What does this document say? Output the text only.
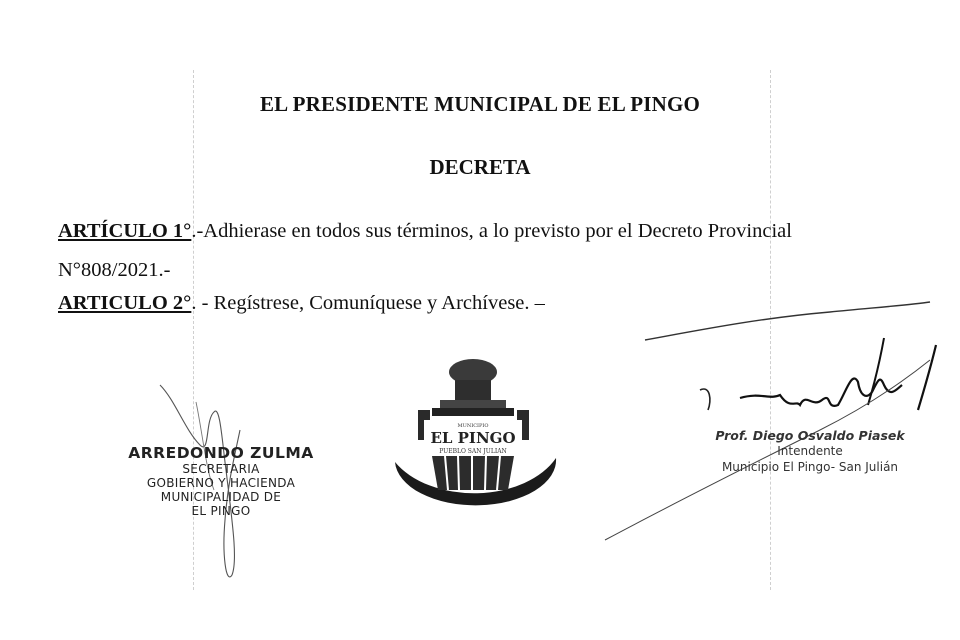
EL PRESIDENTE MUNICIPAL DE EL PINGO
DECRETA
ARTÍCULO 1°.-Adhierase en todos sus términos, a lo previsto por el Decreto Provincial
N°808/2021.-
ARTICULO 2°. - Regístrese, Comuníquese y Archívese. –
ARREDONDO ZULMA
SECRETARIA
GOBIERNO Y HACIENDA
MUNICIPALIDAD DE
EL PINGO
MUNICIPIO
EL PINGO
PUEBLO SAN JULIAN
Prof. Diego Osvaldo Piasek
Intendente
Municipio El Pingo- San Julián
